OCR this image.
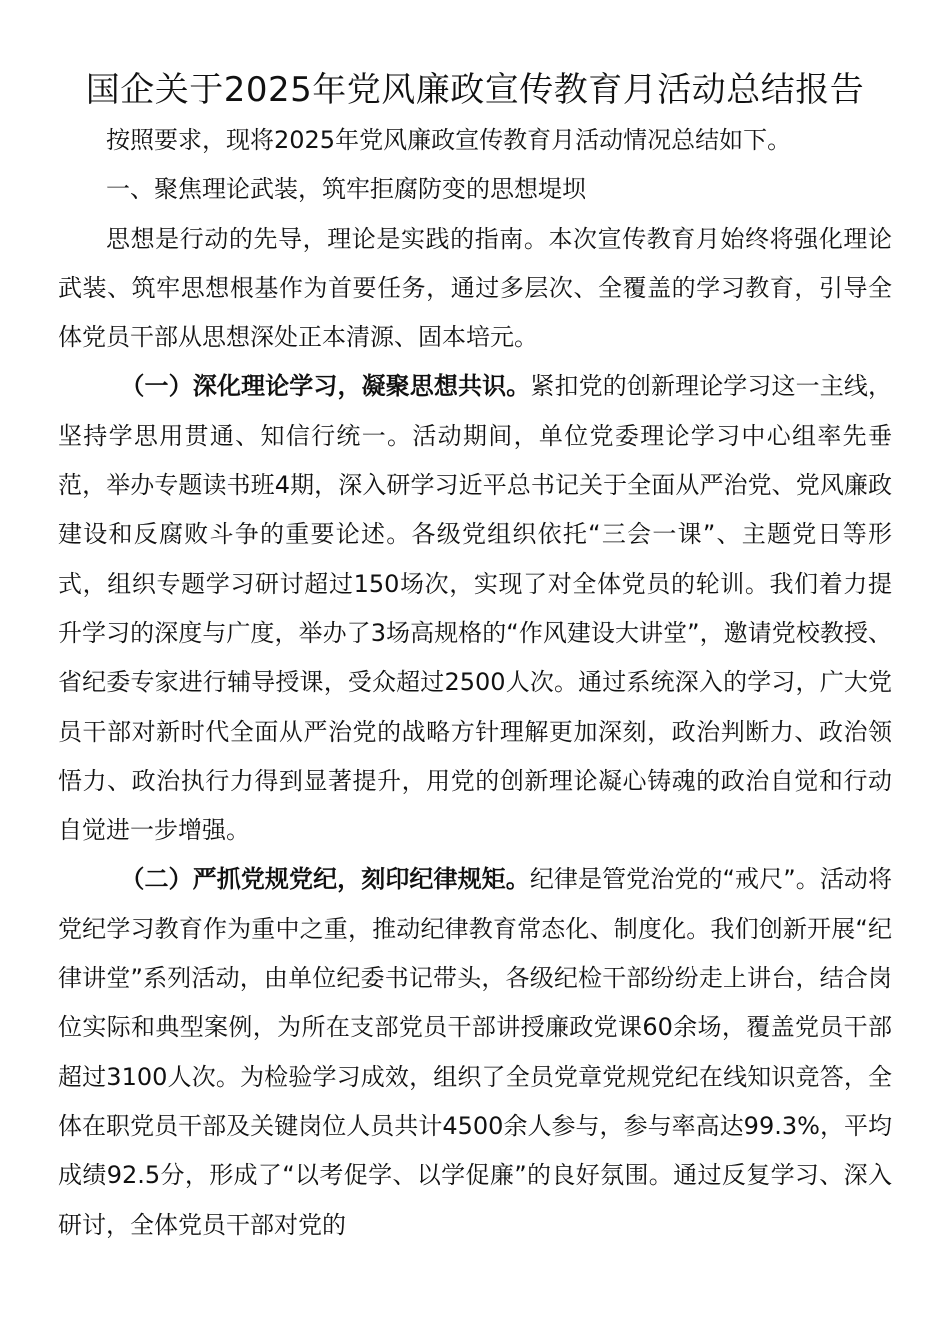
国企关于2025年党风廉政宣传教育月活动总结报告

按照要求，现将2025年党风廉政宣传教育月活动情况总结如下。

一、聚焦理论武装，筑牢拒腐防变的思想堤坝

思想是行动的先导，理论是实践的指南。本次宣传教育月始终将强化理论武装、筑牢思想根基作为首要任务，通过多层次、全覆盖的学习教育，引导全体党员干部从思想深处正本清源、固本培元。

（一）深化理论学习，凝聚思想共识。紧扣党的创新理论学习这一主线，坚持学思用贯通、知信行统一。活动期间，单位党委理论学习中心组率先垂范，举办专题读书班4期，深入研学习近平总书记关于全面从严治党、党风廉政建设和反腐败斗争的重要论述。各级党组织依托“三会一课”、主题党日等形式，组织专题学习研讨超过150场次，实现了对全体党员的轮训。我们着力提升学习的深度与广度，举办了3场高规格的“作风建设大讲堂”，邀请党校教授、省纪委专家进行辅导授课，受众超过2500人次。通过系统深入的学习，广大党员干部对新时代全面从严治党的战略方针理解更加深刻，政治判断力、政治领悟力、政治执行力得到显著提升，用党的创新理论凝心铸魂的政治自觉和行动自觉进一步增强。

（二）严抓党规党纪，刻印纪律规矩。纪律是管党治党的“戒尺”。活动将党纪学习教育作为重中之重，推动纪律教育常态化、制度化。我们创新开展“纪律讲堂”系列活动，由单位纪委书记带头，各级纪检干部纷纷走上讲台，结合岗位实际和典型案例，为所在支部党员干部讲授廉政党课60余场，覆盖党员干部超过3100人次。为检验学习成效，组织了全员党章党规党纪在线知识竞答，全体在职党员干部及关键岗位人员共计4500余人参与，参与率高达99.3%，平均成绩92.5分，形成了“以考促学、以学促廉”的良好氛围。通过反复学习、深入研讨，全体党员干部对党的
